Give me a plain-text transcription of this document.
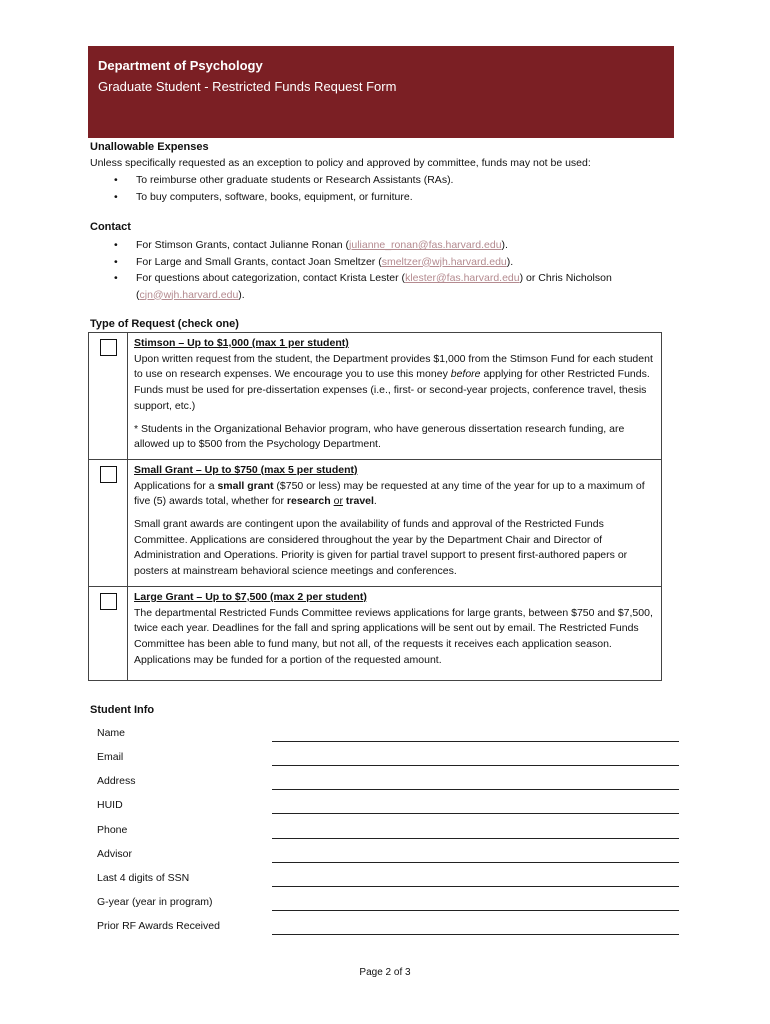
Department of Psychology
Graduate Student - Restricted Funds Request Form
Unallowable Expenses
Unless specifically requested as an exception to policy and approved by committee, funds may not be used:
• To reimburse other graduate students or Research Assistants (RAs).
• To buy computers, software, books, equipment, or furniture.
Contact
• For Stimson Grants, contact Julianne Ronan (julianne_ronan@fas.harvard.edu).
• For Large and Small Grants, contact Joan Smeltzer (smeltzer@wjh.harvard.edu).
• For questions about categorization, contact Krista Lester (klester@fas.harvard.edu) or Chris Nicholson
(cjn@wjh.harvard.edu).
Type of Request (check one)

	Stimson – Up to $1,000 (max 1 per student)
Upon written request from the student, the Department provides $1,000 from the Stimson Fund for each student to use on research expenses. We encourage you to use this money before applying for other Restricted Funds. Funds must be used for pre-dissertation expenses (i.e., first- or second-year projects, conference travel, thesis support, etc.)
* Students in the Organizational Behavior program, who have generous dissertation research funding, are allowed up to $500 from the Psychology Department.

	Small Grant – Up to $750 (max 5 per student)
Applications for a small grant ($750 or less) may be requested at any time of the year for up to a maximum of five (5) awards total, whether for research or travel.
Small grant awards are contingent upon the availability of funds and approval of the Restricted Funds Committee. Applications are considered throughout the year by the Department Chair and Director of Administration and Operations. Priority is given for partial travel support to present first-authored papers or posters at mainstream behavioral science meetings and conferences.

	Large Grant – Up to $7,500 (max 2 per student)
The departmental Restricted Funds Committee reviews applications for large grants, between $750 and $7,500, twice each year. Deadlines for the fall and spring applications will be sent out by email. The Restricted Funds Committee has been able to fund many, but not all, of the requests it receives each application season. Applications may be funded for a portion of the requested amount.
Student Info
Name
Email
Address
HUID
Phone
Advisor
Last 4 digits of SSN
G-year (year in program)
Prior RF Awards Received
Page 2 of 3
